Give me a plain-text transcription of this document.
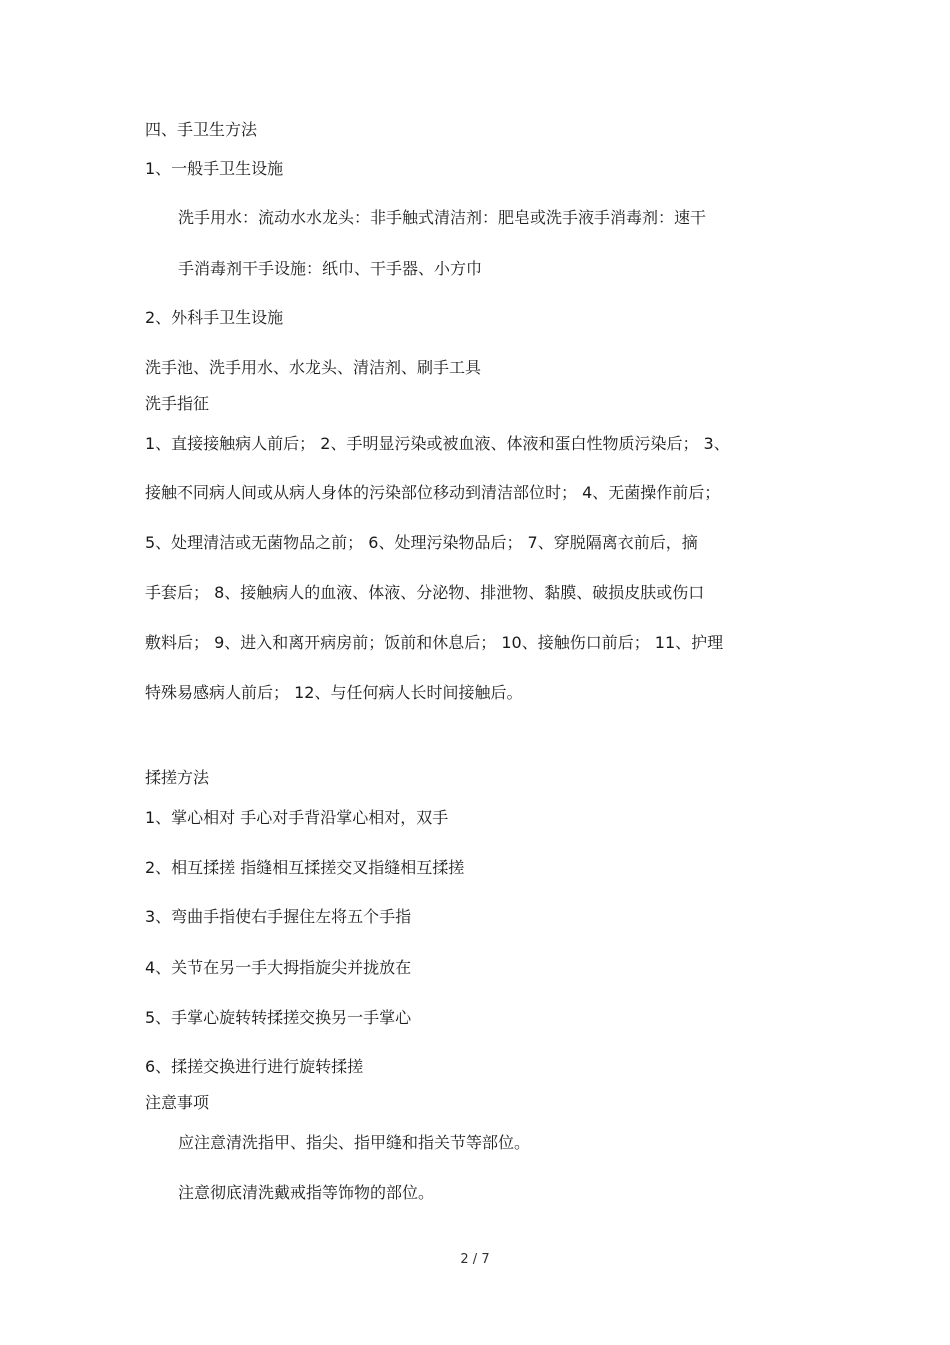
四、手卫生方法

1、一般手卫生设施

洗手用水：流动水水龙头：非手触式清洁剂：肥皂或洗手液手消毒剂：速干

手消毒剂干手设施：纸巾、干手器、小方巾

2、外科手卫生设施

洗手池、洗手用水、水龙头、清洁剂、刷手工具

洗手指征

1、直接接触病人前后； 2、手明显污染或被血液、体液和蛋白性物质污染后； 3、

接触不同病人间或从病人身体的污染部位移动到清洁部位时； 4、无菌操作前后；

5、处理清洁或无菌物品之前； 6、处理污染物品后； 7、穿脱隔离衣前后，摘

手套后； 8、接触病人的血液、体液、分泌物、排泄物、黏膜、破损皮肤或伤口

敷料后； 9、进入和离开病房前；饭前和休息后； 10、接触伤口前后； 11、护理

特殊易感病人前后； 12、与任何病人长时间接触后。

揉搓方法

1、掌心相对 手心对手背沿掌心相对，双手

2、相互揉搓 指缝相互揉搓交叉指缝相互揉搓

3、弯曲手指使右手握住左将五个手指

4、关节在另一手大拇指旋尖并拢放在

5、手掌心旋转转揉搓交换另一手掌心

6、揉搓交换进行进行旋转揉搓

注意事项

应注意清洗指甲、指尖、指甲缝和指关节等部位。

注意彻底清洗戴戒指等饰物的部位。

2 / 7
